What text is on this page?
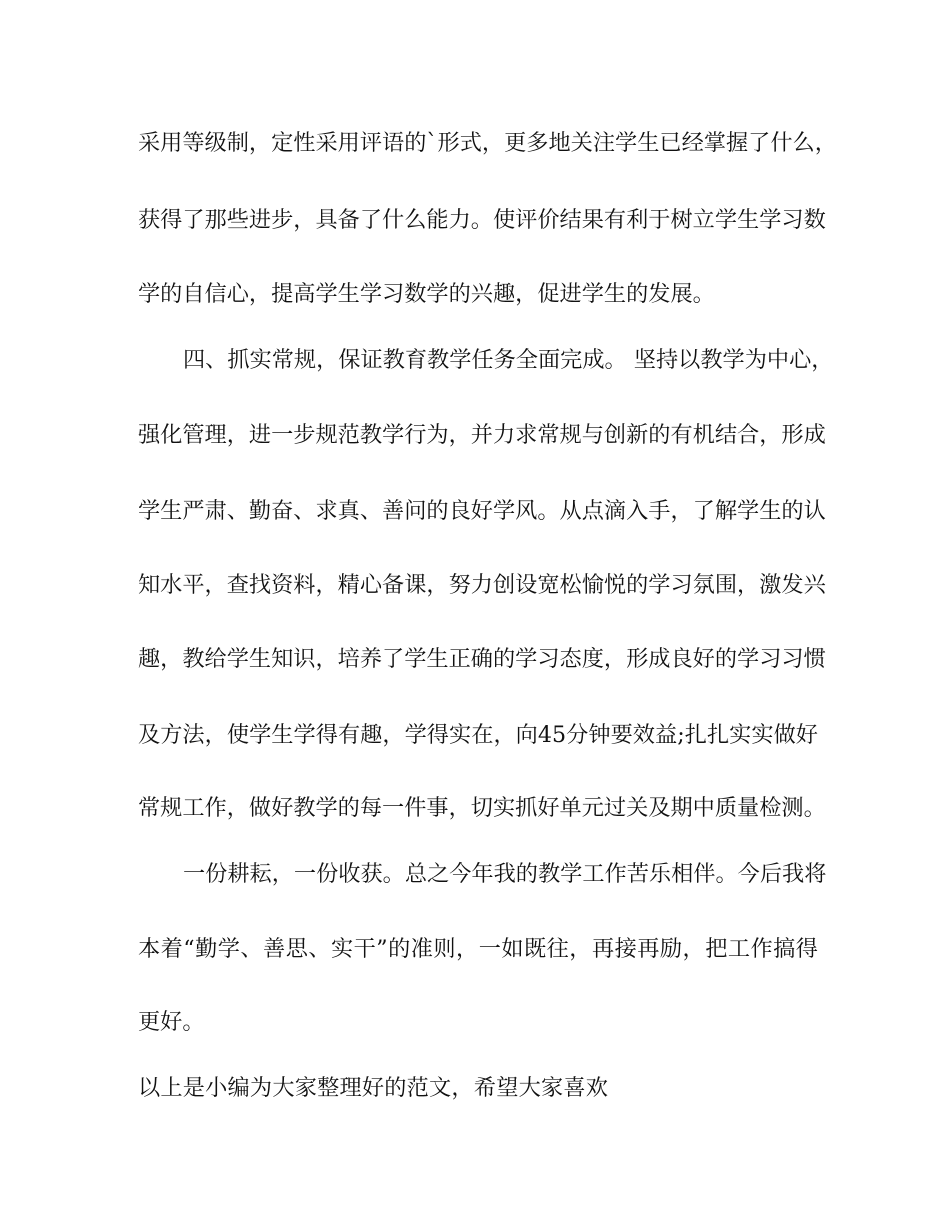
采用等级制，定性采用评语的`形式，更多地关注学生已经掌握了什么，
获得了那些进步，具备了什么能力。使评价结果有利于树立学生学习数
学的自信心，提高学生学习数学的兴趣，促进学生的发展。
四、抓实常规，保证教育教学任务全面完成。 坚持以教学为中心，
强化管理，进一步规范教学行为，并力求常规与创新的有机结合，形成
学生严肃、勤奋、求真、善问的良好学风。从点滴入手，了解学生的认
知水平，查找资料，精心备课，努力创设宽松愉悦的学习氛围，激发兴
趣，教给学生知识，培养了学生正确的学习态度，形成良好的学习习惯
及方法，使学生学得有趣，学得实在，向45分钟要效益;扎扎实实做好
常规工作，做好教学的每一件事，切实抓好单元过关及期中质量检测。
一份耕耘，一份收获。总之今年我的教学工作苦乐相伴。今后我将
本着“勤学、善思、实干”的准则，一如既往，再接再励，把工作搞得
更好。
以上是小编为大家整理好的范文，希望大家喜欢
